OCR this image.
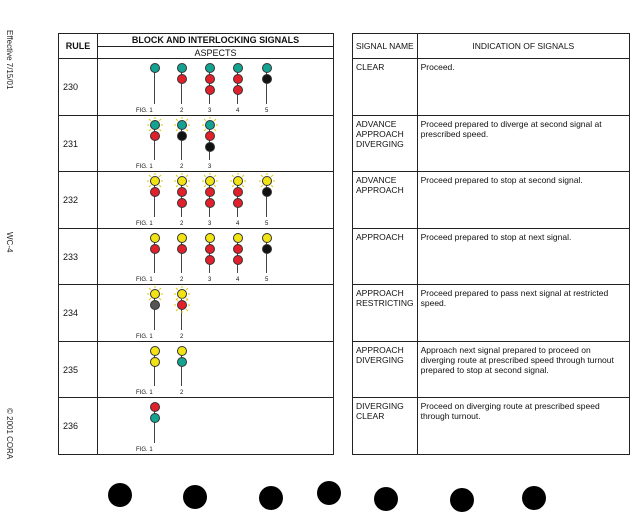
Effective 7/15/01
WC-4
© 2001 CORA
RULE	BLOCK AND INTERLOCKING SIGNALS
	ASPECTS
230	FIG. 1 2 3 4 5

231	FIG. 1 2 3

232	FIG. 1 2 3 4 5

233	FIG. 1 2 3 4 5

234	FIG. 1 2

235	FIG. 1 2

236	FIG. 1
SIGNAL NAME	INDICATION OF SIGNALS
CLEAR	Proceed.
ADVANCE APPROACH DIVERGING	Proceed prepared to diverge at second signal at prescribed speed.
ADVANCE APPROACH	Proceed prepared to stop at second signal.
APPROACH	Proceed prepared to stop at next signal.
APPROACH RESTRICTING	Proceed prepared to pass next signal at restricted speed.
APPROACH DIVERGING	Approach next signal prepared to proceed on diverging route at prescribed speed through turnout prepared to stop at second signal.
DIVERGING CLEAR	Proceed on diverging route at prescribed speed through turnout.
